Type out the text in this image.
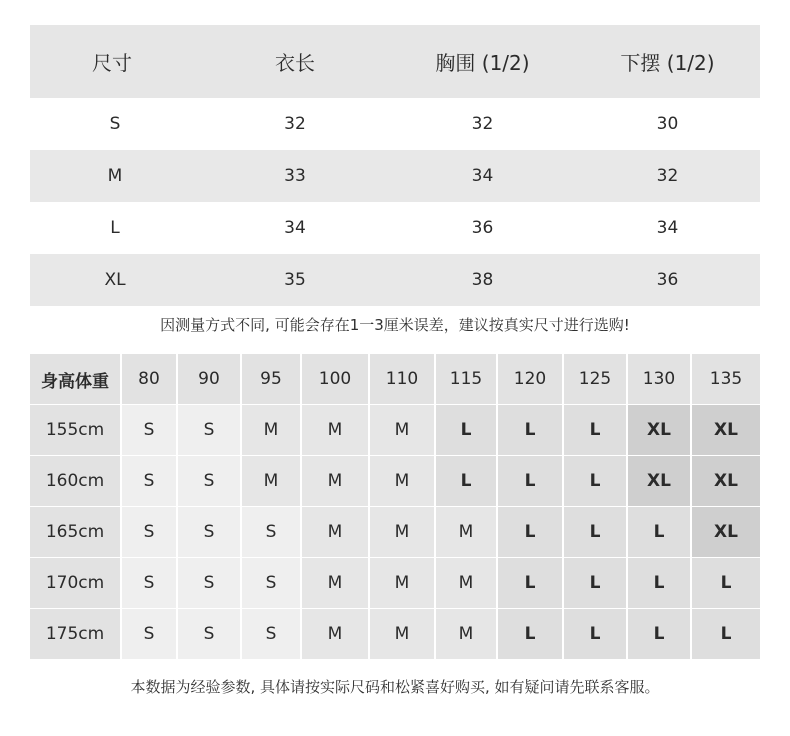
尺寸	衣长	胸围 (1/2)	下摆 (1/2)
S	32	32	30
M	33	34	32
L	34	36	34
XL	35	38	36
因测量方式不同, 可能会存在1一3厘米误差，建议按真实尺寸进行选购!
身高体重	80	90	95	100	110	115	120	125	130	135
155cm	S	S	M	M	M	L	L	L	XL	XL
160cm	S	S	M	M	M	L	L	L	XL	XL
165cm	S	S	S	M	M	M	L	L	L	XL
170cm	S	S	S	M	M	M	L	L	L	L
175cm	S	S	S	M	M	M	L	L	L	L
本数据为经验参数, 具体请按实际尺码和松紧喜好购买, 如有疑问请先联系客服。
